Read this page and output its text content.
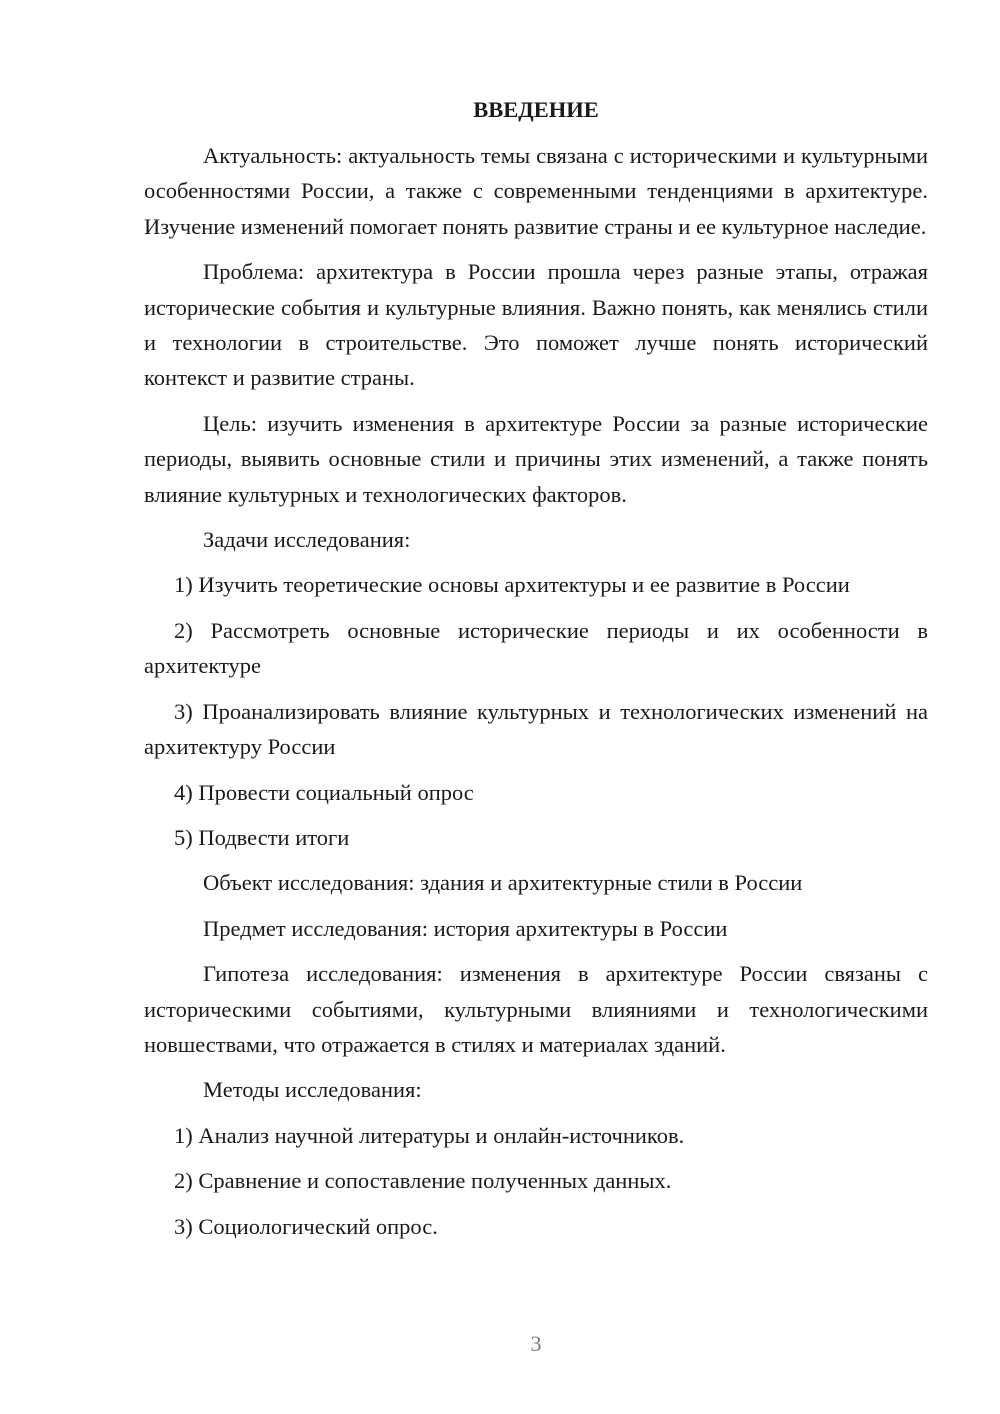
ВВЕДЕНИЕ

Актуальность: актуальность темы связана с историческими и культурными особенностями России, а также с современными тенденциями в архитектуре. Изучение изменений помогает понять развитие страны и ее культурное наследие.

Проблема: архитектура в России прошла через разные этапы, отражая исторические события и культурные влияния. Важно понять, как менялись стили и технологии в строительстве. Это поможет лучше понять исторический контекст и развитие страны.

Цель: изучить изменения в архитектуре России за разные исторические периоды, выявить основные стили и причины этих изменений, а также понять влияние культурных и технологических факторов.

Задачи исследования:

1) Изучить теоретические основы архитектуры и ее развитие в России

2) Рассмотреть основные исторические периоды и их особенности в архитектуре

3) Проанализировать влияние культурных и технологических изменений на архитектуру России

4) Провести социальный опрос

5) Подвести итоги

Объект исследования: здания и архитектурные стили в России

Предмет исследования: история архитектуры в России

Гипотеза исследования: изменения в архитектуре России связаны с историческими событиями, культурными влияниями и технологическими новшествами, что отражается в стилях и материалах зданий.

Методы исследования:

1) Анализ научной литературы и онлайн-источников.

2) Сравнение и сопоставление полученных данных.

3) Социологический опрос.

3
